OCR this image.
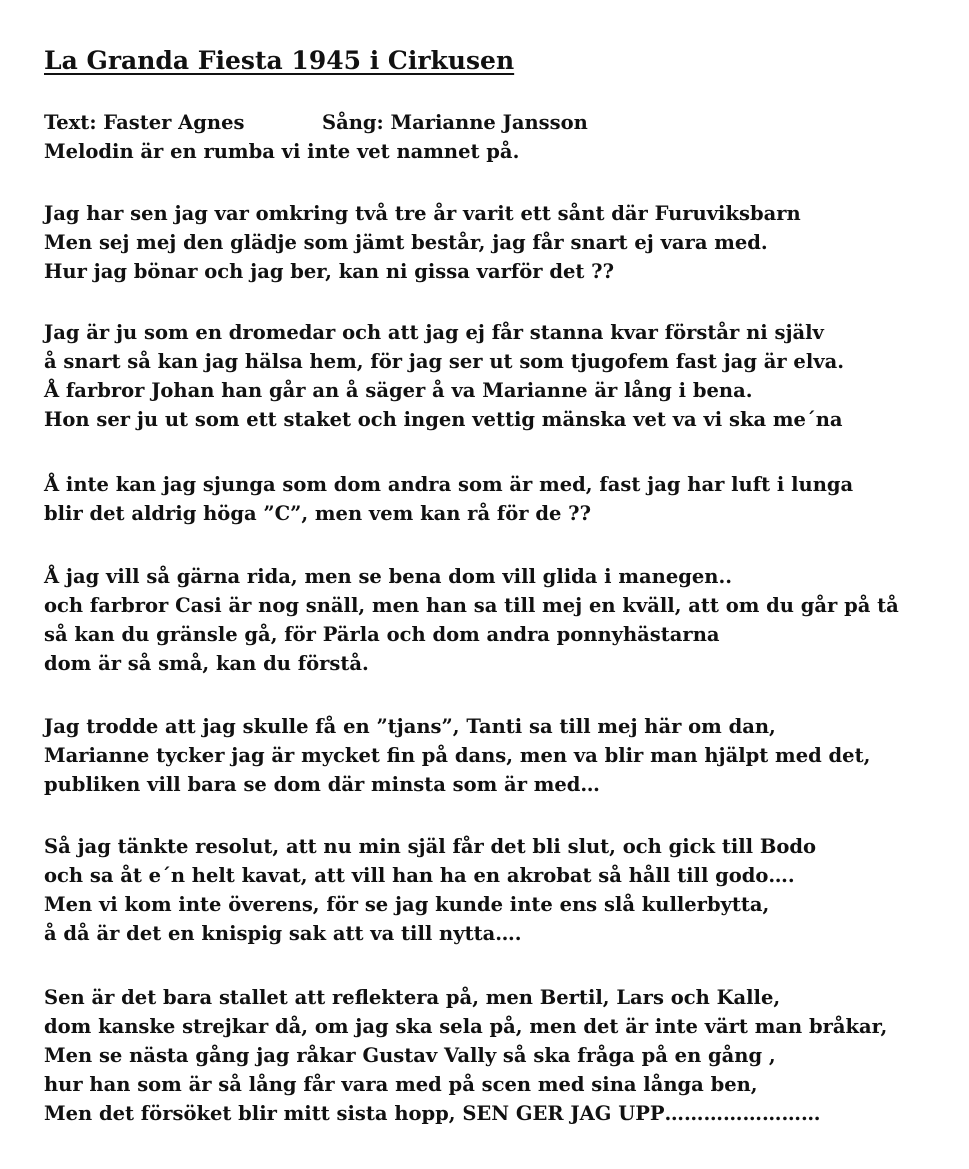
La Granda Fiesta 1945 i Cirkusen
Text: Faster Agnes	Sång: Marianne Jansson
Melodin är en rumba vi inte vet namnet på.
Jag har sen jag var omkring två tre år varit ett sånt där Furuviksbarn
Men sej mej den glädje som jämt består, jag får snart ej vara med.
Hur jag bönar och jag ber, kan ni gissa varför det ??
Jag är ju som en dromedar och att jag ej får stanna kvar förstår ni själv
å snart så kan jag hälsa hem, för jag ser ut som tjugofem fast jag är elva.
Å farbror Johan han går an å säger å va Marianne är lång i bena.
Hon ser ju ut som ett staket och ingen vettig mänska vet va vi ska me´na
Å inte kan jag sjunga som dom andra som är med, fast jag har luft i lunga
blir det aldrig höga ”C”, men vem kan rå för de ??
Å jag vill så gärna rida, men se bena dom vill glida i manegen..
och farbror Casi är nog snäll, men han sa till mej en kväll, att om du går på tå
så kan du gränsle gå, för Pärla och dom andra ponnyhästarna
dom är så små, kan du förstå.
Jag trodde att jag skulle få en ”tjans”, Tanti sa till mej här om dan,
Marianne tycker jag är mycket fin på dans, men va blir man hjälpt med det,
publiken vill bara se dom där minsta som är med…
Så jag tänkte resolut, att nu min själ får det bli slut, och gick till Bodo
och sa åt e´n helt kavat, att vill han ha en akrobat så håll till godo….
Men vi kom inte överens, för se jag kunde inte ens slå kullerbytta,
å då är det en knispig sak att va till nytta….
Sen är det bara stallet att reflektera på, men Bertil, Lars och Kalle,
dom kanske strejkar då, om jag ska sela på, men det är inte värt man bråkar,
Men se nästa gång jag råkar Gustav Vally så ska fråga på en gång ,
hur han som är så lång får vara med på scen med sina långa ben,
Men det försöket blir mitt sista hopp, SEN GER JAG UPP……………………
